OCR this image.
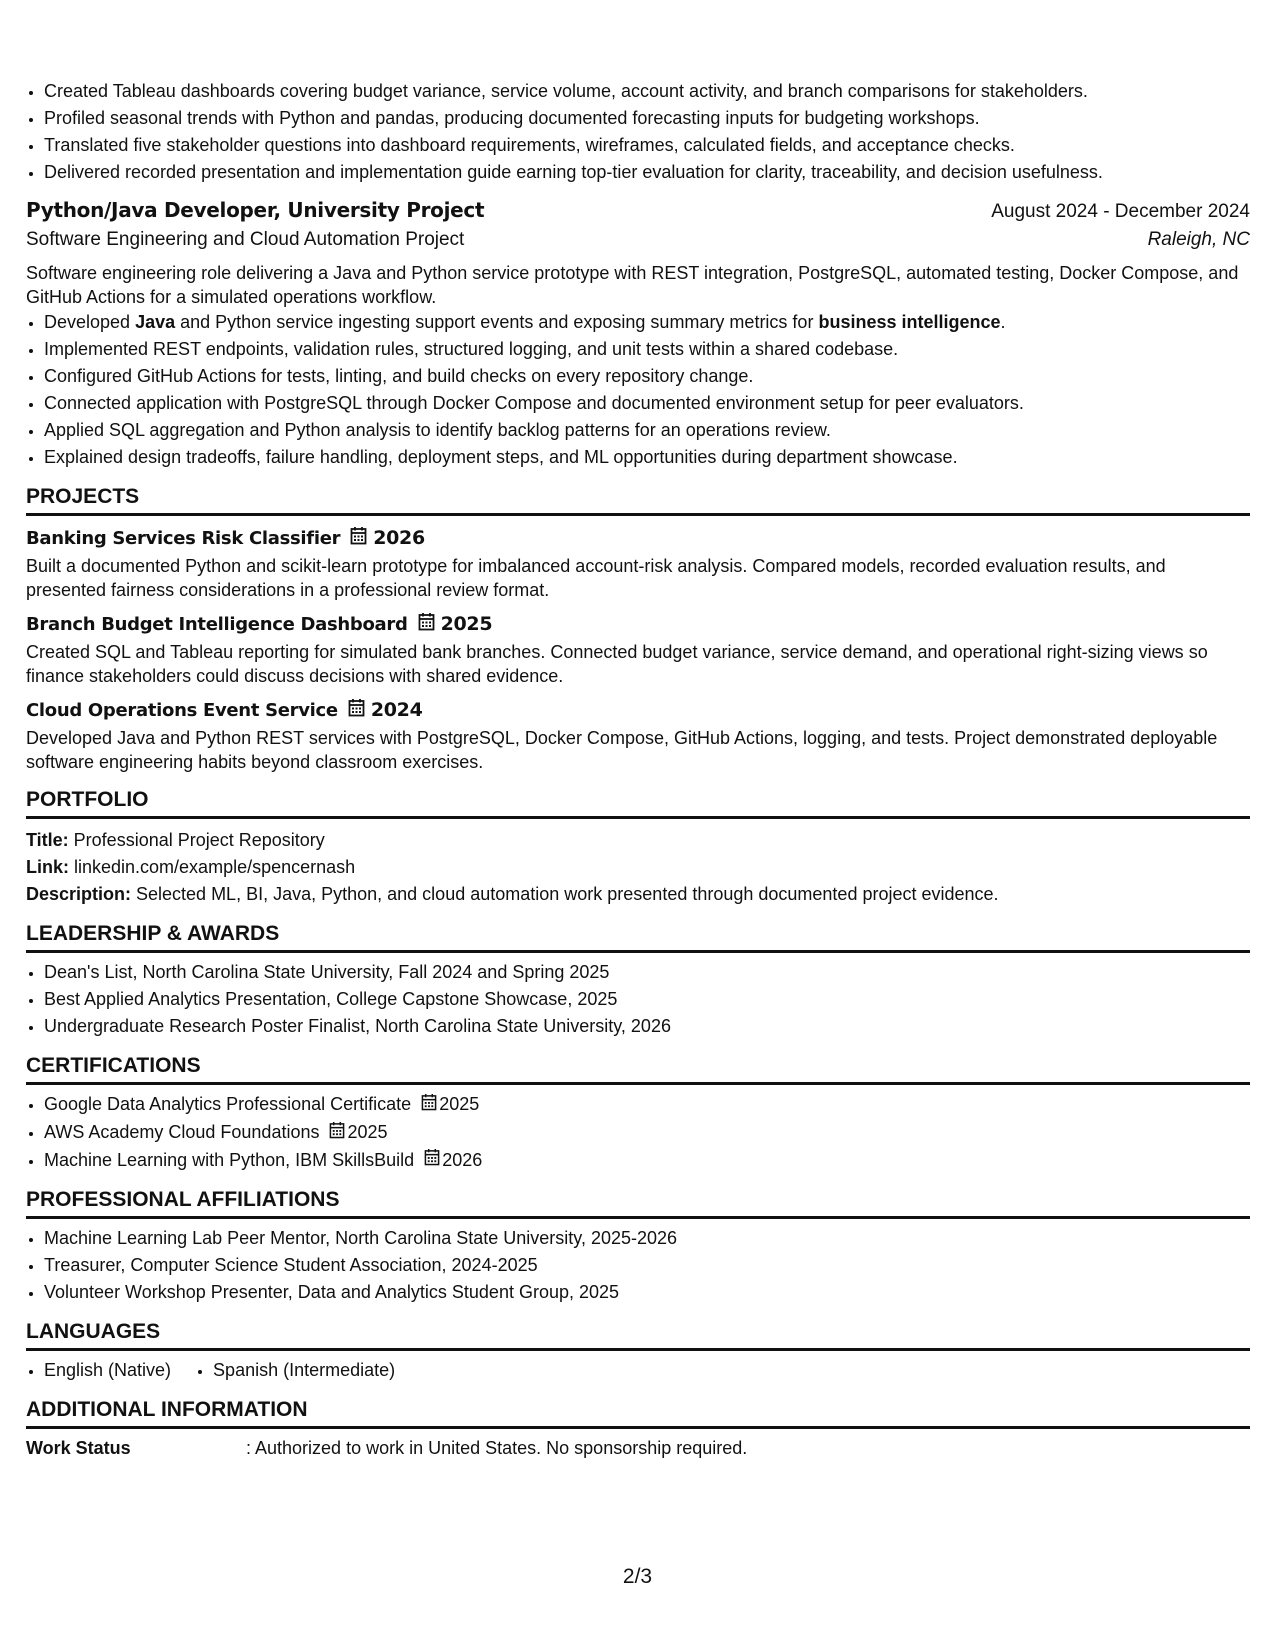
• Created Tableau dashboards covering budget variance, service volume, account activity, and branch comparisons for stakeholders.
• Profiled seasonal trends with Python and pandas, producing documented forecasting inputs for budgeting workshops.
• Translated five stakeholder questions into dashboard requirements, wireframes, calculated fields, and acceptance checks.
• Delivered recorded presentation and implementation guide earning top-tier evaluation for clarity, traceability, and decision usefulness.
Python/Java Developer, University Project	August 2024 - December 2024
Software Engineering and Cloud Automation Project	Raleigh, NC
Software engineering role delivering a Java and Python service prototype with REST integration, PostgreSQL, automated testing, Docker Compose, and GitHub Actions for a simulated operations workflow.
• Developed Java and Python service ingesting support events and exposing summary metrics for business intelligence.
• Implemented REST endpoints, validation rules, structured logging, and unit tests within a shared codebase.
• Configured GitHub Actions for tests, linting, and build checks on every repository change.
• Connected application with PostgreSQL through Docker Compose and documented environment setup for peer evaluators.
• Applied SQL aggregation and Python analysis to identify backlog patterns for an operations review.
• Explained design tradeoffs, failure handling, deployment steps, and ML opportunities during department showcase.
PROJECTS
Banking Services Risk Classifier 2026
Built a documented Python and scikit-learn prototype for imbalanced account-risk analysis. Compared models, recorded evaluation results, and presented fairness considerations in a professional review format.
Branch Budget Intelligence Dashboard 2025
Created SQL and Tableau reporting for simulated bank branches. Connected budget variance, service demand, and operational right-sizing views so finance stakeholders could discuss decisions with shared evidence.
Cloud Operations Event Service 2024
Developed Java and Python REST services with PostgreSQL, Docker Compose, GitHub Actions, logging, and tests. Project demonstrated deployable software engineering habits beyond classroom exercises.
PORTFOLIO
Title: Professional Project Repository
Link: linkedin.com/example/spencernash
Description: Selected ML, BI, Java, Python, and cloud automation work presented through documented project evidence.
LEADERSHIP & AWARDS
• Dean's List, North Carolina State University, Fall 2024 and Spring 2025
• Best Applied Analytics Presentation, College Capstone Showcase, 2025
• Undergraduate Research Poster Finalist, North Carolina State University, 2026
CERTIFICATIONS
• Google Data Analytics Professional Certificate 2025
• AWS Academy Cloud Foundations 2025
• Machine Learning with Python, IBM SkillsBuild 2026
PROFESSIONAL AFFILIATIONS
• Machine Learning Lab Peer Mentor, North Carolina State University, 2025-2026
• Treasurer, Computer Science Student Association, 2024-2025
• Volunteer Workshop Presenter, Data and Analytics Student Group, 2025
LANGUAGES
• English (Native)
• Spanish (Intermediate)
ADDITIONAL INFORMATION
Work Status	: Authorized to work in United States. No sponsorship required.
2/3
